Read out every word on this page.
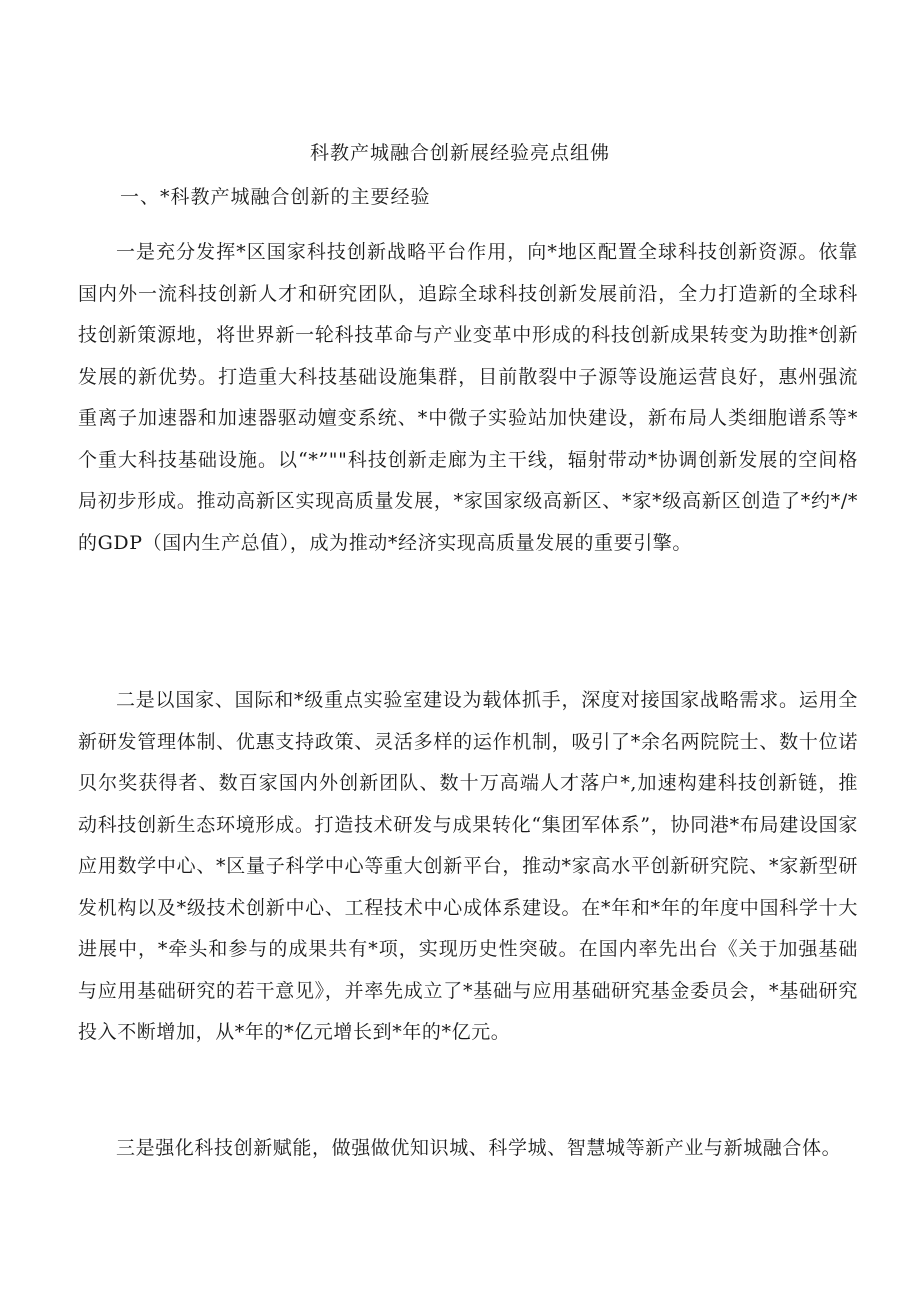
科教产城融合创新展经验亮点组佛
一、*科教产城融合创新的主要经验

一是充分发挥*区国家科技创新战略平台作用，向*地区配置全球科技创新资源。依靠国内外一流科技创新人才和研究团队，追踪全球科技创新发展前沿，全力打造新的全球科技创新策源地，将世界新一轮科技革命与产业变革中形成的科技创新成果转变为助推*创新发展的新优势。打造重大科技基础设施集群，目前散裂中子源等设施运营良好，惠州强流重离子加速器和加速器驱动嬗变系统、*中微子实验站加快建设，新布局人类细胞谱系等*个重大科技基础设施。以“*”""科技创新走廊为主干线，辐射带动*协调创新发展的空间格局初步形成。推动高新区实现高质量发展，*家国家级高新区、*家*级高新区创造了*约*/*的GDP（国内生产总值），成为推动*经济实现高质量发展的重要引擎。

二是以国家、国际和*级重点实验室建设为载体抓手，深度对接国家战略需求。运用全新研发管理体制、优惠支持政策、灵活多样的运作机制，吸引了*余名两院院士、数十位诺贝尔奖获得者、数百家国内外创新团队、数十万高端人才落户*,加速构建科技创新链，推动科技创新生态环境形成。打造技术研发与成果转化“集团军体系”，协同港*布局建设国家应用数学中心、*区量子科学中心等重大创新平台，推动*家高水平创新研究院、*家新型研发机构以及*级技术创新中心、工程技术中心成体系建设。在*年和*年的年度中国科学十大进展中，*牵头和参与的成果共有*项，实现历史性突破。在国内率先出台《关于加强基础与应用基础研究的若干意见》，并率先成立了*基础与应用基础研究基金委员会，*基础研究投入不断增加，从*年的*亿元增长到*年的*亿元。

三是强化科技创新赋能，做强做优知识城、科学城、智慧城等新产业与新城融合体。
